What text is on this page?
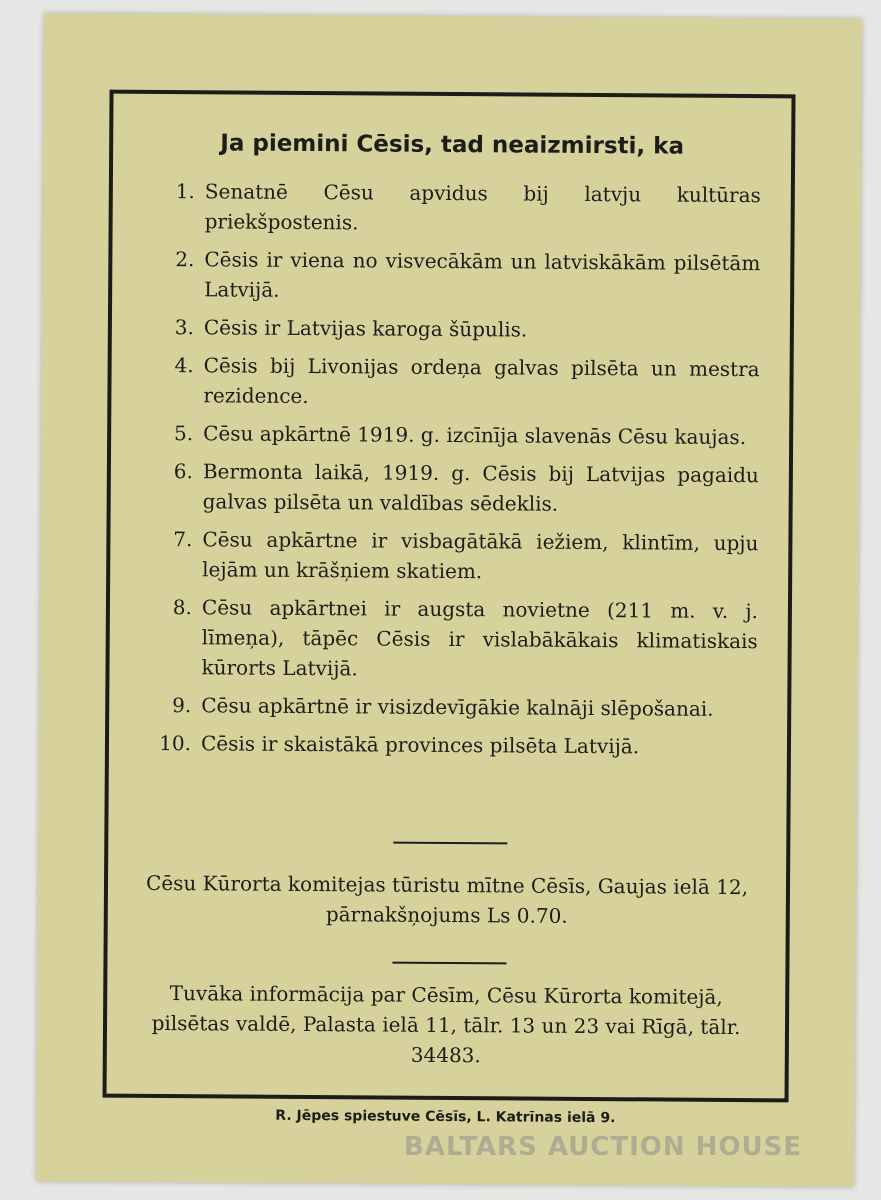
Ja piemini Cēsis, tad neaizmirsti, ka
1. Senatnē Cēsu apvidus bij latvju kultūras priekšpostenis.
2. Cēsis ir viena no visvecākām un latviskākām pilsētām Latvijā.
3. Cēsis ir Latvijas karoga šūpulis.
4. Cēsis bij Livonijas ordeņa galvas pilsēta un mestra rezidence.
5. Cēsu apkārtnē 1919. g. izcīnīja slavenās Cēsu kaujas.
6. Bermonta laikā, 1919. g. Cēsis bij Latvijas pagaidu galvas pilsēta un valdības sēdeklis.
7. Cēsu apkārtne ir visbagātākā iežiem, klintīm, upju lejām un krāšņiem skatiem.
8. Cēsu apkārtnei ir augsta novietne (211 m. v. j. līmeņa), tāpēc Cēsis ir vislabākākais klimatiskais kūrorts Latvijā.
9. Cēsu apkārtnē ir visizdevīgākie kalnāji slēpošanai.
10. Cēsis ir skaistākā provinces pilsēta Latvijā.

Cēsu Kūrorta komitejas tūristu mītne Cēsīs, Gaujas ielā 12, pārnakšņojums Ls 0.70.

Tuvāka informācija par Cēsīm, Cēsu Kūrorta komitejā, pilsētas valdē, Palasta ielā 11, tālr. 13 un 23 vai Rīgā, tālr. 34483.

R. Jēpes spiestuve Cēsīs, L. Katrīnas ielā 9.

BALTARS AUCTION HOUSE
